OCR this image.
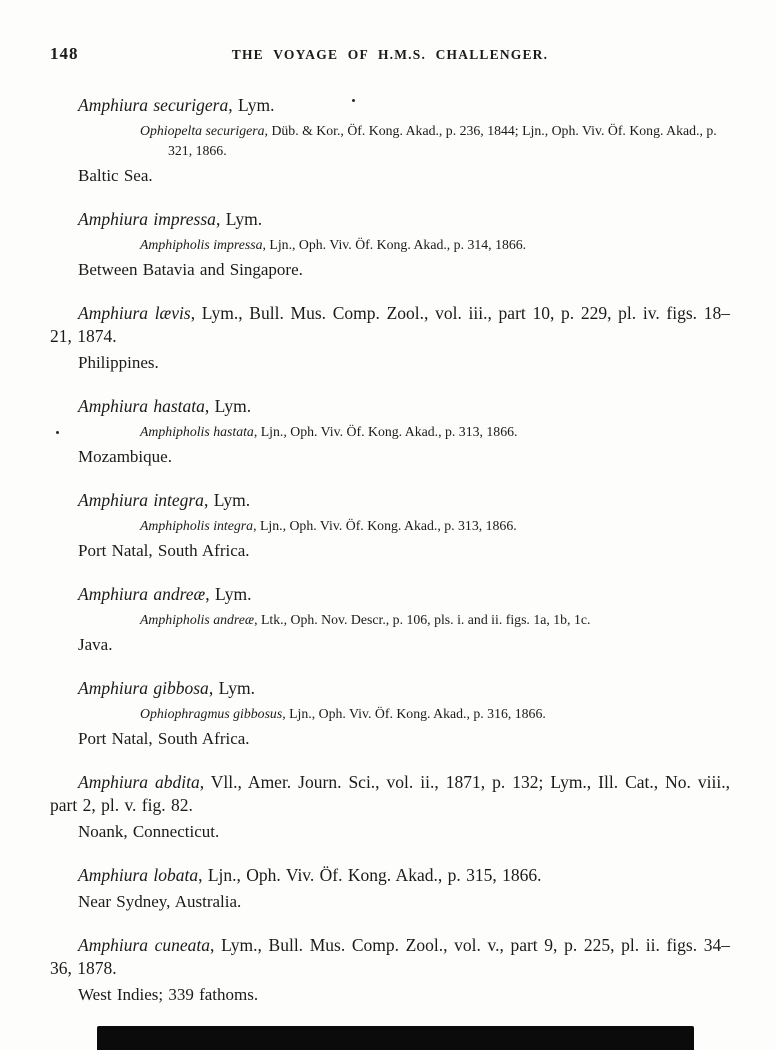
148	THE VOYAGE OF H.M.S. CHALLENGER.

Amphiura securigera, Lym.

Ophiopelta securigera, Düb. & Kor., Öf. Kong. Akad., p. 236, 1844; Ljn., Oph. Viv. Öf. Kong. Akad., p. 321, 1866.

Baltic Sea.

Amphiura impressa, Lym.

Amphipholis impressa, Ljn., Oph. Viv. Öf. Kong. Akad., p. 314, 1866.

Between Batavia and Singapore.

Amphiura lævis, Lym., Bull. Mus. Comp. Zool., vol. iii., part 10, p. 229, pl. iv. figs. 18–21, 1874.

Philippines.

Amphiura hastata, Lym.

Amphipholis hastata, Ljn., Oph. Viv. Öf. Kong. Akad., p. 313, 1866.

Mozambique.

Amphiura integra, Lym.

Amphipholis integra, Ljn., Oph. Viv. Öf. Kong. Akad., p. 313, 1866.

Port Natal, South Africa.

Amphiura andreæ, Lym.

Amphipholis andreæ, Ltk., Oph. Nov. Descr., p. 106, pls. i. and ii. figs. 1a, 1b, 1c.

Java.

Amphiura gibbosa, Lym.

Ophiophragmus gibbosus, Ljn., Oph. Viv. Öf. Kong. Akad., p. 316, 1866.

Port Natal, South Africa.

Amphiura abdita, Vll., Amer. Journ. Sci., vol. ii., 1871, p. 132; Lym., Ill. Cat., No. viii., part 2, pl. v. fig. 82.

Noank, Connecticut.

Amphiura lobata, Ljn., Oph. Viv. Öf. Kong. Akad., p. 315, 1866.

Near Sydney, Australia.

Amphiura cuneata, Lym., Bull. Mus. Comp. Zool., vol. v., part 9, p. 225, pl. ii. figs. 34–36, 1878.

West Indies; 339 fathoms.
